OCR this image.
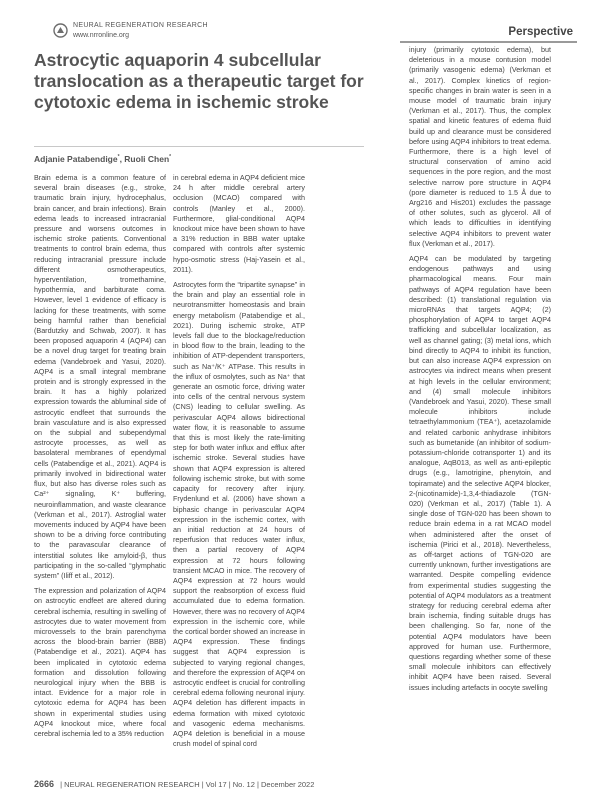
NEURAL REGENERATION RESEARCH
www.nrronline.org	Perspective
Astrocytic aquaporin 4 subcellular translocation as a therapeutic target for cytotoxic edema in ischemic stroke
Adjanie Patabendige*, Ruoli Chen*

Brain edema is a common feature of several brain diseases (e.g., stroke, traumatic brain injury, hydrocephalus, brain cancer, and brain infections). Brain edema leads to increased intracranial pressure and worsens outcomes in ischemic stroke patients. Conventional treatments to control brain edema, thus reducing intracranial pressure include different osmotherapeutics, hyperventilation, tromethamine, hypothermia, and barbiturate coma. However, level 1 evidence of efficacy is lacking for these treatments, with some being harmful rather than beneficial (Bardutzky and Schwab, 2007). It has been proposed aquaporin 4 (AQP4) can be a novel drug target for treating brain edema (Vandebroek and Yasui, 2020). AQP4 is a small integral membrane protein and is strongly expressed in the brain. It has a highly polarized expression towards the abluminal side of astrocytic endfeet that surrounds the brain vasculature and is also expressed on the subpial and subependymal astrocyte processes, as well as basolateral membranes of ependymal cells (Patabendige et al., 2021). AQP4 is primarily involved in bidirectional water flux, but also has diverse roles such as Ca²⁺ signaling, K⁺ buffering, neuroinflammation, and waste clearance (Verkman et al., 2017). Astroglial water movements induced by AQP4 have been shown to be a driving force contributing to the paravascular clearance of interstitial solutes like amyloid-β, thus participating in the so-called “glymphatic system” (Iliff et al., 2012).

The expression and polarization of AQP4 on astrocytic endfeet are altered during cerebral ischemia, resulting in swelling of astrocytes due to water movement from microvessels to the brain parenchyma across the blood-brain barrier (BBB) (Patabendige et al., 2021). AQP4 has been implicated in cytotoxic edema formation and dissolution following neurological injury when the BBB is intact. Evidence for a major role in cytotoxic edema for AQP4 has been shown in experimental studies using AQP4 knockout mice, where focal cerebral ischemia led to a 35% reduction

in cerebral edema in AQP4 deficient mice 24 h after middle cerebral artery occlusion (MCAO) compared with controls (Manley et al., 2000). Furthermore, glial-conditional AQP4 knockout mice have been shown to have a 31% reduction in BBB water uptake compared with controls after systemic hypo-osmotic stress (Haj-Yasein et al., 2011).

Astrocytes form the “tripartite synapse” in the brain and play an essential role in neurotransmitter homeostasis and brain energy metabolism (Patabendige et al., 2021). During ischemic stroke, ATP levels fall due to the blockage/reduction in blood flow to the brain, leading to the inhibition of ATP-dependent transporters, such as Na⁺/K⁺ ATPase. This results in the influx of osmolytes, such as Na⁺ that generate an osmotic force, driving water into cells of the central nervous system (CNS) leading to cellular swelling. As perivascular AQP4 allows bidirectional water flow, it is reasonable to assume that this is most likely the rate-limiting step for both water influx and efflux after ischemic stroke. Several studies have shown that AQP4 expression is altered following ischemic stroke, but with some capacity for recovery after injury. Frydenlund et al. (2006) have shown a biphasic change in perivascular AQP4 expression in the ischemic cortex, with an initial reduction at 24 hours of reperfusion that reduces water influx, then a partial recovery of AQP4 expression at 72 hours following transient MCAO in mice. The recovery of AQP4 expression at 72 hours would support the reabsorption of excess fluid accumulated due to edema formation. However, there was no recovery of AQP4 expression in the ischemic core, while the cortical border showed an increase in AQP4 expression. These findings suggest that AQP4 expression is subjected to varying regional changes, and therefore the expression of AQP4 on astrocytic endfeet is crucial for controlling cerebral edema following neuronal injury. AQP4 deletion has different impacts in edema formation with mixed cytotoxic and vasogenic edema mechanisms. AQP4 deletion is beneficial in a mouse crush model of spinal cord

injury (primarily cytotoxic edema), but deleterious in a mouse contusion model (primarily vasogenic edema) (Verkman et al., 2017). Complex kinetics of region-specific changes in brain water is seen in a mouse model of traumatic brain injury (Verkman et al., 2017). Thus, the complex spatial and kinetic features of edema fluid build up and clearance must be considered before using AQP4 inhibitors to treat edema. Furthermore, there is a high level of structural conservation of amino acid sequences in the pore region, and the most selective narrow pore structure in AQP4 (pore diameter is reduced to 1.5 Å due to Arg216 and His201) excludes the passage of other solutes, such as glycerol. All of which leads to difficulties in identifying selective AQP4 inhibitors to prevent water flux (Verkman et al., 2017).

AQP4 can be modulated by targeting endogenous pathways and using pharmacological means. Four main pathways of AQP4 regulation have been described: (1) translational regulation via microRNAs that targets AQP4; (2) phosphorylation of AQP4 to target AQP4 trafficking and subcellular localization, as well as channel gating; (3) metal ions, which bind directly to AQP4 to inhibit its function, but can also increase AQP4 expression on astrocytes via indirect means when present at high levels in the cellular environment; and (4) small molecule inhibitors (Vandebroek and Yasui, 2020). These small molecule inhibitors include tetraethylammonium (TEA⁺), acetazolamide and related carbonic anhydrase inhibitors such as bumetanide (an inhibitor of sodium-potassium-chloride cotransporter 1) and its analogue, AqB013, as well as anti-epileptic drugs (e.g., lamotrigine, phenytoin, and topiramate) and the selective AQP4 blocker, 2-(nicotinamide)-1,3,4-thiadiazole (TGN-020) (Verkman et al., 2017) (Table 1). A single dose of TGN-020 has been shown to reduce brain edema in a rat MCAO model when administered after the onset of ischemia (Pirici et al., 2018). Nevertheless, as off-target actions of TGN-020 are currently unknown, further investigations are warranted. Despite compelling evidence from experimental studies suggesting the potential of AQP4 modulators as a treatment strategy for reducing cerebral edema after brain ischemia, finding suitable drugs has been challenging. So far, none of the potential AQP4 modulators have been approved for human use. Furthermore, questions regarding whether some of these small molecule inhibitors can effectively inhibit AQP4 have been raised. Several issues including artefacts in oocyte swelling

2666 | NEURAL REGENERATION RESEARCH | Vol 17 | No. 12 | December 2022
